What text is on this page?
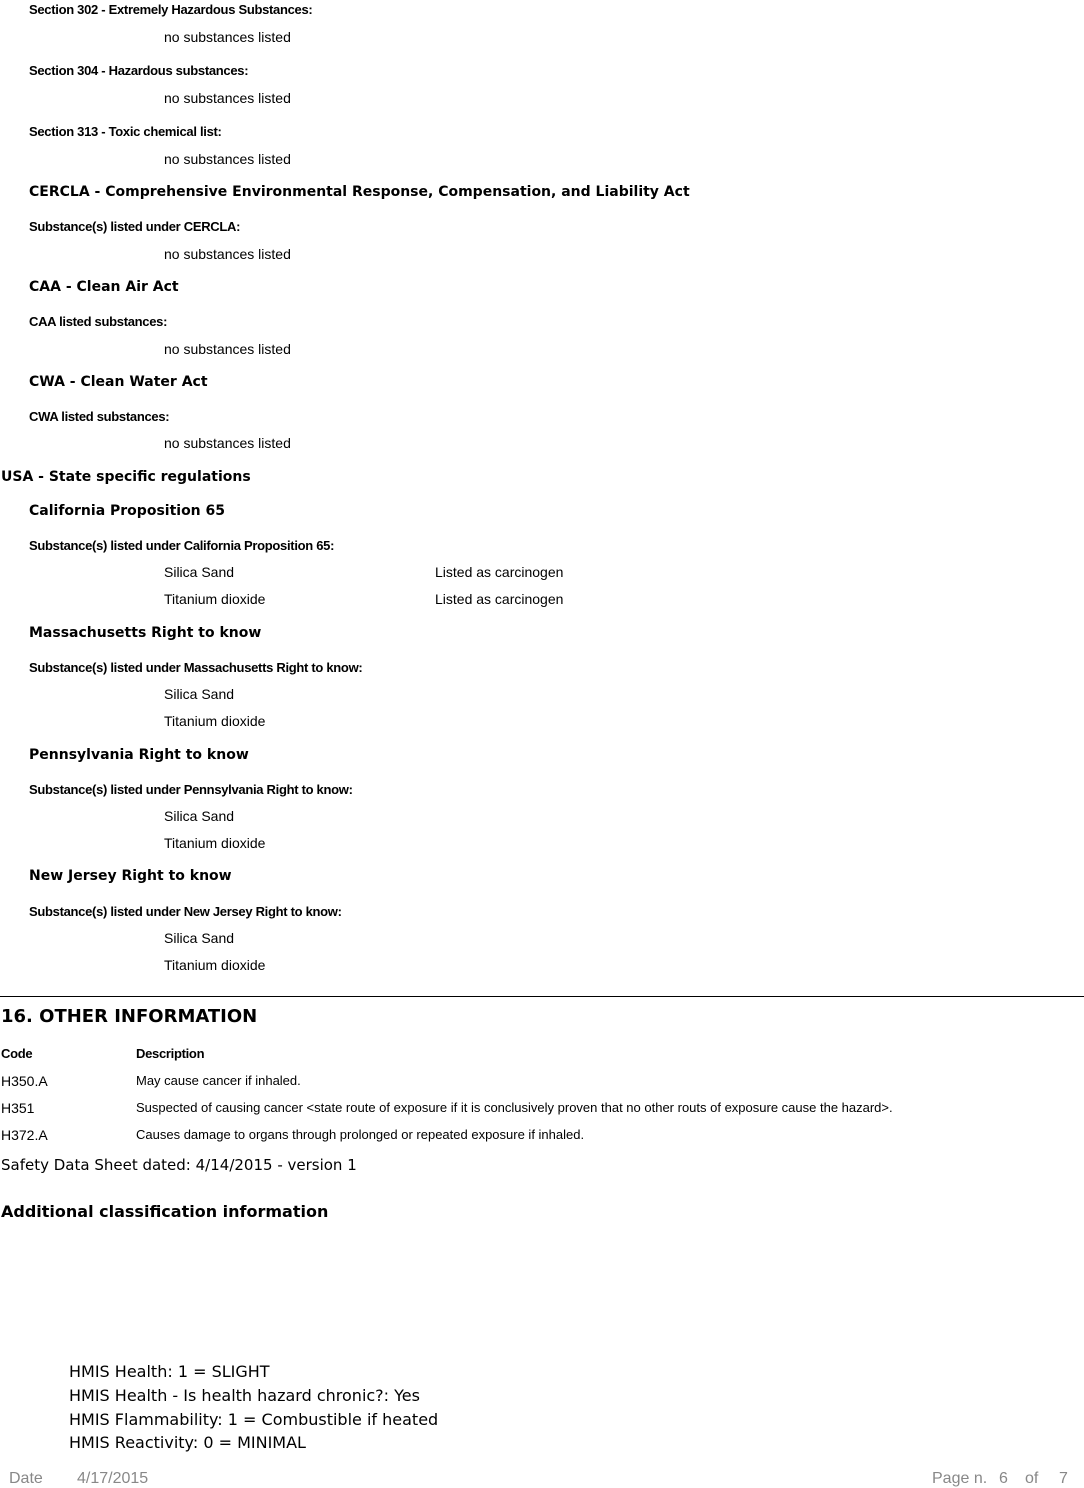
Section 302 - Extremely Hazardous Substances:
no substances listed
Section 304 - Hazardous substances:
no substances listed
Section 313 - Toxic chemical list:
no substances listed
CERCLA - Comprehensive Environmental Response, Compensation, and Liability Act
Substance(s) listed under CERCLA:
no substances listed
CAA - Clean Air Act
CAA listed substances:
no substances listed
CWA - Clean Water Act
CWA listed substances:
no substances listed
USA - State specific regulations
California Proposition 65
Substance(s) listed under California Proposition 65:
Silica Sand	Listed as carcinogen
Titanium dioxide	Listed as carcinogen
Massachusetts Right to know
Substance(s) listed under Massachusetts Right to know:
Silica Sand
Titanium dioxide
Pennsylvania Right to know
Substance(s) listed under Pennsylvania Right to know:
Silica Sand
Titanium dioxide
New Jersey Right to know
Substance(s) listed under New Jersey Right to know:
Silica Sand
Titanium dioxide
16. OTHER INFORMATION
Code	Description
H350.A	May cause cancer if inhaled.
H351	Suspected of causing cancer <state route of exposure if it is conclusively proven that no other routs of exposure cause the hazard>.
H372.A	Causes damage to organs through prolonged or repeated exposure if inhaled.
Safety Data Sheet dated: 4/14/2015 - version 1
Additional classification information
HMIS Health: 1 = SLIGHT
HMIS Health - Is health hazard chronic?: Yes
HMIS Flammability: 1 = Combustible if heated
HMIS Reactivity: 0 = MINIMAL
Date 4/17/2015	Page n. 6 of 7
